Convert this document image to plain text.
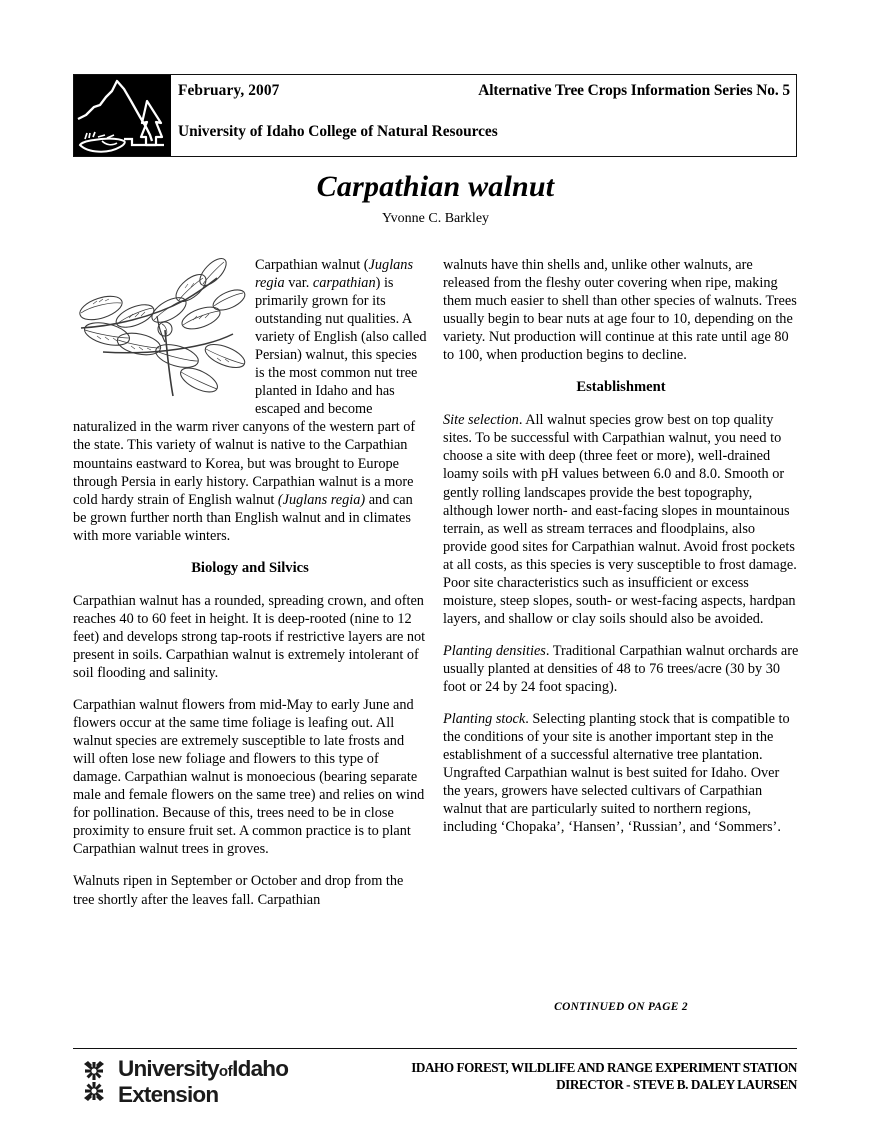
February, 2007	Alternative Tree Crops Information Series No. 5
University of Idaho College of Natural Resources
Carpathian walnut
Yvonne C. Barkley

Carpathian walnut (Juglans regia var. carpathian) is primarily grown for its outstanding nut qualities. A variety of English (also called Persian) walnut, this species is the most common nut tree planted in Idaho and has escaped and become naturalized in the warm river canyons of the western part of the state. This variety of walnut is native to the Carpathian mountains eastward to Korea, but was brought to Europe through Persia in early history. Carpathian walnut is a more cold hardy strain of English walnut (Juglans regia) and can be grown further north than English walnut and in climates with more variable winters.

Biology and Silvics

Carpathian walnut has a rounded, spreading crown, and often reaches 40 to 60 feet in height. It is deep-rooted (nine to 12 feet) and develops strong tap-roots if restrictive layers are not present in soils. Carpathian walnut is extremely intolerant of soil flooding and salinity.

Carpathian walnut flowers from mid-May to early June and flowers occur at the same time foliage is leafing out. All walnut species are extremely susceptible to late frosts and will often lose new foliage and flowers to this type of damage. Carpathian walnut is monoecious (bearing separate male and female flowers on the same tree) and relies on wind for pollination. Because of this, trees need to be in close proximity to ensure fruit set. A common practice is to plant Carpathian walnut trees in groves.

Walnuts ripen in September or October and drop from the tree shortly after the leaves fall. Carpathian

walnuts have thin shells and, unlike other walnuts, are released from the fleshy outer covering when ripe, making them much easier to shell than other species of walnuts. Trees usually begin to bear nuts at age four to 10, depending on the variety. Nut production will continue at this rate until age 80 to 100, when production begins to decline.

Establishment

Site selection. All walnut species grow best on top quality sites. To be successful with Carpathian walnut, you need to choose a site with deep (three feet or more), well-drained loamy soils with pH values between 6.0 and 8.0. Smooth or gently rolling landscapes provide the best topography, although lower north- and east-facing slopes in mountainous terrain, as well as stream terraces and floodplains, also provide good sites for Carpathian walnut. Avoid frost pockets at all costs, as this species is very susceptible to frost damage. Poor site characteristics such as insufficient or excess moisture, steep slopes, south- or west-facing aspects, hardpan layers, and shallow or clay soils should also be avoided.

Planting densities. Traditional Carpathian walnut orchards are usually planted at densities of 48 to 76 trees/acre (30 by 30 foot or 24 by 24 foot spacing).

Planting stock. Selecting planting stock that is compatible to the conditions of your site is another important step in the establishment of a successful alternative tree plantation. Ungrafted Carpathian walnut is best suited for Idaho. Over the years, growers have selected cultivars of Carpathian walnut that are particularly suited to northern regions, including ‘Chopaka’, ‘Hansen’, ‘Russian’, and ‘Sommers’.

CONTINUED ON PAGE 2
UniversityofIdaho
Extension
IDAHO FOREST, WILDLIFE AND RANGE EXPERIMENT STATION
DIRECTOR - STEVE B. DALEY LAURSEN
